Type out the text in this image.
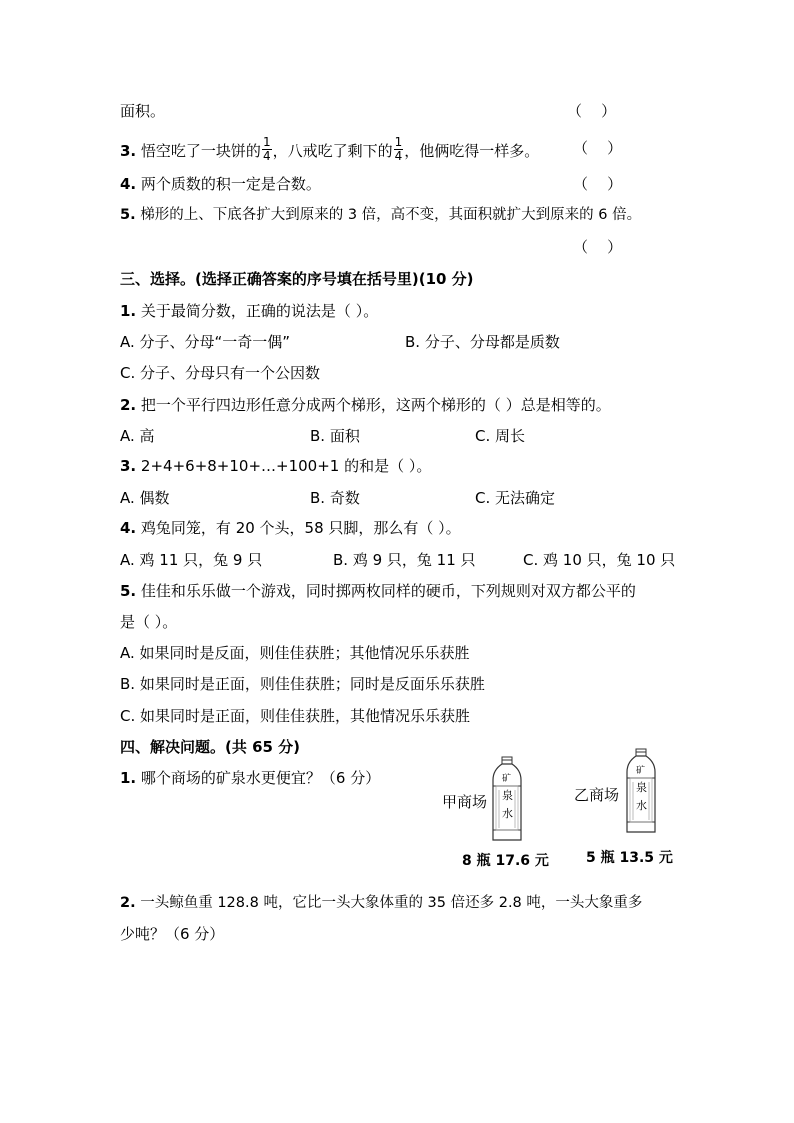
面积。	（    ）
3. 悟空吃了一块饼的 $\frac{1}{4}$ ，八戒吃了剩下的 $\frac{1}{4}$ ，他俩吃得一样多。 （    ）
4. 两个质数的积一定是合数。	（    ）
5. 梯形的上、下底各扩大到原来的 3 倍，高不变，其面积就扩大到原来的 6 倍。
（    ）
三、选择。(选择正确答案的序号填在括号里)(10 分)
1. 关于最简分数，正确的说法是（ ）。
A. 分子、分母“一奇一偶”	B. 分子、分母都是质数
C. 分子、分母只有一个公因数
2. 把一个平行四边形任意分成两个梯形，这两个梯形的（ ）总是相等的。
A. 高	B. 面积	C. 周长
3. 2+4+6+8+10+…+100+1 的和是（ ）。
A. 偶数	B. 奇数	C. 无法确定
4. 鸡兔同笼，有 20 个头，58 只脚，那么有（ ）。
A. 鸡 11 只，兔 9 只	B. 鸡 9 只，兔 11 只	C. 鸡 10 只，兔 10 只
5. 佳佳和乐乐做一个游戏，同时掷两枚同样的硬币，下列规则对双方都公平的
是（ ）。
A. 如果同时是反面，则佳佳获胜；其他情况乐乐获胜
B. 如果同时是正面，则佳佳获胜；同时是反面乐乐获胜
C. 如果同时是正面，则佳佳获胜，其他情况乐乐获胜
四、解决问题。(共 65 分)
1. 哪个商场的矿泉水更便宜？（6 分）
甲商场
矿
泉
水
8 瓶 17.6 元
乙商场
矿
泉
水
5 瓶 13.5 元
2. 一头鲸鱼重 128.8 吨，它比一头大象体重的 35 倍还多 2.8 吨，一头大象重多
少吨？（6 分）
